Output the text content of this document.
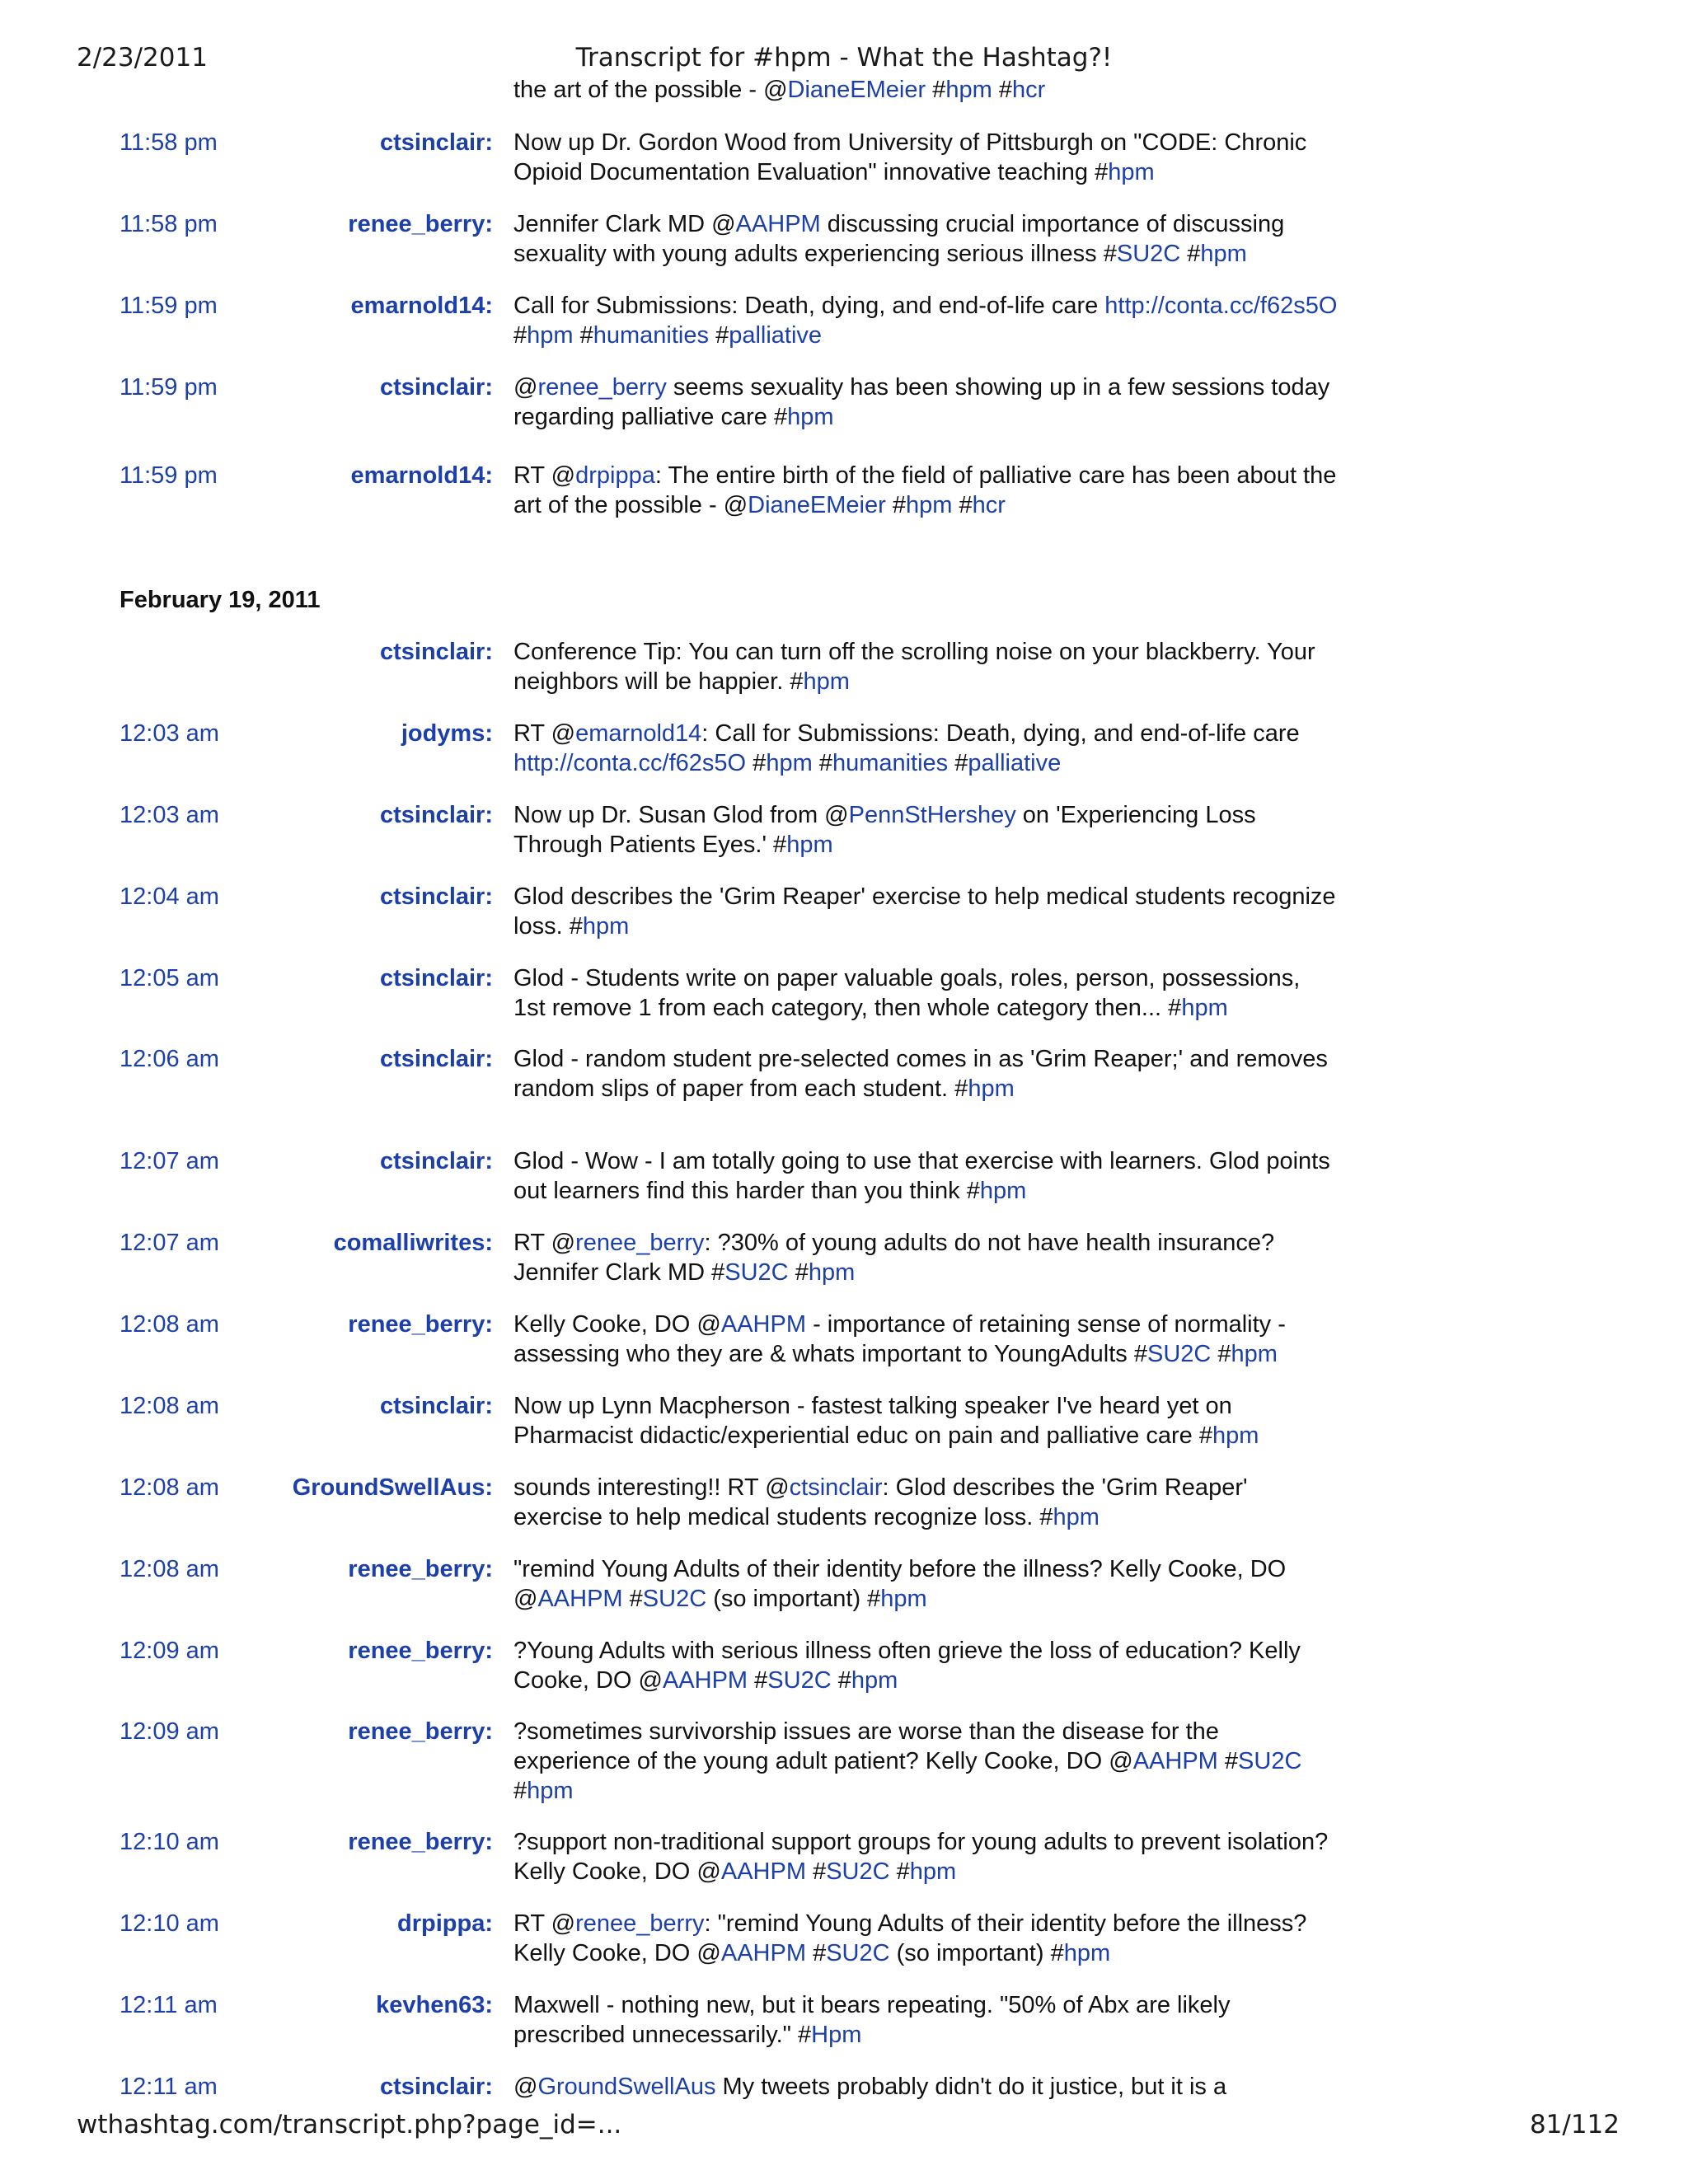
2/23/2011	Transcript for #hpm - What the Hashtag?!
the art of the possible - @DianeEMeier #hpm #hcr
11:58 pm	ctsinclair: Now up Dr. Gordon Wood from University of Pittsburgh on "CODE: Chronic Opioid Documentation Evaluation" innovative teaching #hpm
11:58 pm	renee_berry: Jennifer Clark MD @AAHPM discussing crucial importance of discussing sexuality with young adults experiencing serious illness #SU2C #hpm
11:59 pm	emarnold14: Call for Submissions: Death, dying, and end-of-life care http://conta.cc/f62s5O #hpm #humanities #palliative
11:59 pm	ctsinclair: @renee_berry seems sexuality has been showing up in a few sessions today regarding palliative care #hpm
11:59 pm	emarnold14: RT @drpippa: The entire birth of the field of palliative care has been about the art of the possible - @DianeEMeier #hpm #hcr
February 19, 2011
ctsinclair: Conference Tip: You can turn off the scrolling noise on your blackberry. Your neighbors will be happier. #hpm
12:03 am	jodyms: RT @emarnold14: Call for Submissions: Death, dying, and end-of-life care http://conta.cc/f62s5O #hpm #humanities #palliative
12:03 am	ctsinclair: Now up Dr. Susan Glod from @PennStHershey on 'Experiencing Loss Through Patients Eyes.' #hpm
12:04 am	ctsinclair: Glod describes the 'Grim Reaper' exercise to help medical students recognize loss. #hpm
12:05 am	ctsinclair: Glod - Students write on paper valuable goals, roles, person, possessions, 1st remove 1 from each category, then whole category then... #hpm
12:06 am	ctsinclair: Glod - random student pre-selected comes in as 'Grim Reaper;' and removes random slips of paper from each student. #hpm
12:07 am	ctsinclair: Glod - Wow - I am totally going to use that exercise with learners. Glod points out learners find this harder than you think #hpm
12:07 am	comalliwrites: RT @renee_berry: ?30% of young adults do not have health insurance? Jennifer Clark MD #SU2C #hpm
12:08 am	renee_berry: Kelly Cooke, DO @AAHPM - importance of retaining sense of normality - assessing who they are & whats important to YoungAdults #SU2C #hpm
12:08 am	ctsinclair: Now up Lynn Macpherson - fastest talking speaker I've heard yet on Pharmacist didactic/experiential educ on pain and palliative care #hpm
12:08 am	GroundSwellAus: sounds interesting!! RT @ctsinclair: Glod describes the 'Grim Reaper' exercise to help medical students recognize loss. #hpm
12:08 am	renee_berry: "remind Young Adults of their identity before the illness? Kelly Cooke, DO @AAHPM #SU2C (so important) #hpm
12:09 am	renee_berry: ?Young Adults with serious illness often grieve the loss of education? Kelly Cooke, DO @AAHPM #SU2C #hpm
12:09 am	renee_berry: ?sometimes survivorship issues are worse than the disease for the experience of the young adult patient? Kelly Cooke, DO @AAHPM #SU2C #hpm
12:10 am	renee_berry: ?support non-traditional support groups for young adults to prevent isolation? Kelly Cooke, DO @AAHPM #SU2C #hpm
12:10 am	drpippa: RT @renee_berry: "remind Young Adults of their identity before the illness? Kelly Cooke, DO @AAHPM #SU2C (so important) #hpm
12:11 am	kevhen63: Maxwell - nothing new, but it bears repeating. "50% of Abx are likely prescribed unnecessarily." #Hpm
12:11 am	ctsinclair: @GroundSwellAus My tweets probably didn't do it justice, but it is a
wthashtag.com/transcript.php?page_id=...	81/112
